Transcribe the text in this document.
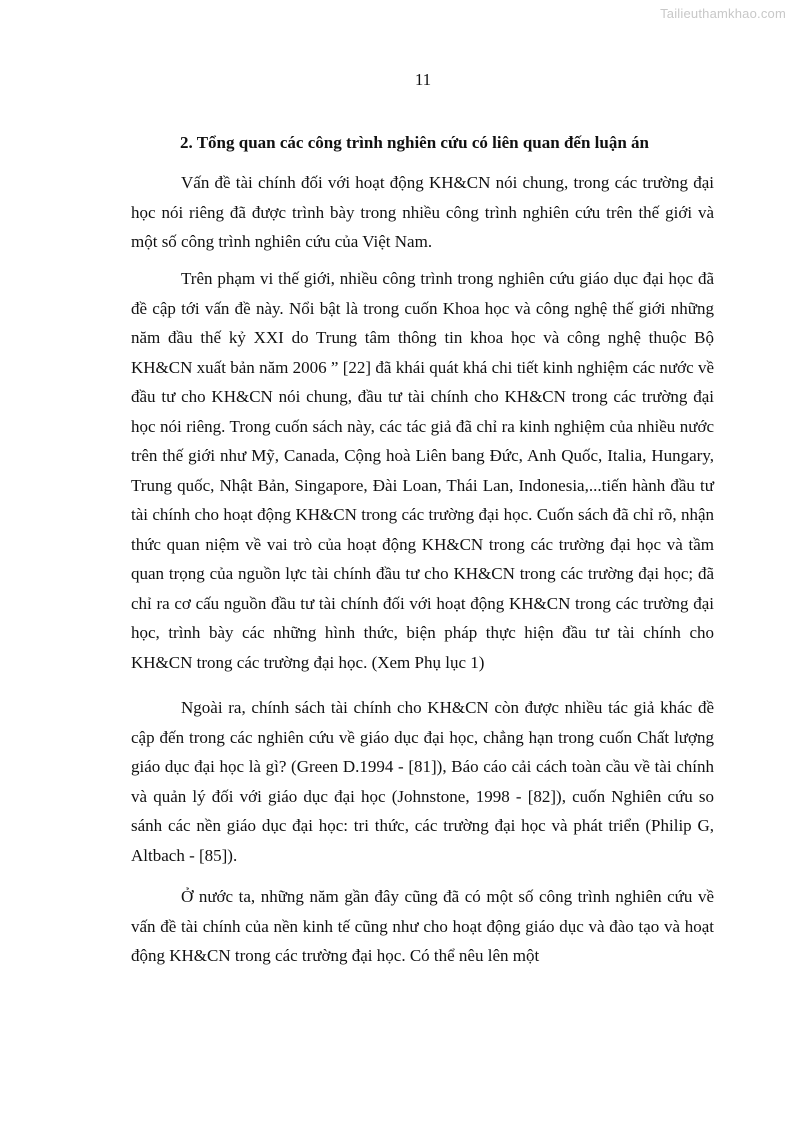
Tailieuthamkhao.com
11
2. Tổng quan các công trình nghiên cứu có liên quan đến luận án

Vấn đề tài chính đối với hoạt động KH&CN nói chung, trong các trường đại học nói riêng đã được trình bày trong nhiều công trình nghiên cứu trên thế giới và một số công trình nghiên cứu của Việt Nam.

Trên phạm vi thế giới, nhiều công trình trong nghiên cứu giáo dục đại học đã đề cập tới vấn đề này. Nổi bật là trong cuốn Khoa học và công nghệ thế giới những năm đầu thế kỷ XXI do Trung tâm thông tin khoa học và công nghệ thuộc Bộ KH&CN xuất bản năm 2006 ” [22] đã khái quát khá chi tiết kinh nghiệm các nước về đầu tư cho KH&CN nói chung, đầu tư tài chính cho KH&CN trong các trường đại học nói riêng. Trong cuốn sách này, các tác giả đã chỉ ra kinh nghiệm của nhiều nước trên thế giới như Mỹ, Canada, Cộng hoà Liên bang Đức, Anh Quốc, Italia, Hungary, Trung quốc, Nhật Bản, Singapore, Đài Loan, Thái Lan, Indonesia,...tiến hành đầu tư tài chính cho hoạt động KH&CN trong các trường đại học. Cuốn sách đã chỉ rõ, nhận thức quan niệm về vai trò của hoạt động KH&CN trong các trường đại học và tầm quan trọng của nguồn lực tài chính đầu tư cho KH&CN trong các trường đại học; đã chỉ ra cơ cấu nguồn đầu tư tài chính đối với hoạt động KH&CN trong các trường đại học, trình bày các những hình thức, biện pháp thực hiện đầu tư tài chính cho KH&CN trong các trường đại học. (Xem Phụ lục 1)

Ngoài ra, chính sách tài chính cho KH&CN còn được nhiều tác giả khác đề cập đến trong các nghiên cứu về giáo dục đại học, chẳng hạn trong cuốn Chất lượng giáo dục đại học là gì? (Green D.1994 - [81]), Báo cáo cải cách toàn cầu về tài chính và quản lý đối với giáo dục đại học (Johnstone, 1998 - [82]), cuốn Nghiên cứu so sánh các nền giáo dục đại học: tri thức, các trường đại học và phát triển (Philip G, Altbach - [85]).

Ở nước ta, những năm gần đây cũng đã có một số công trình nghiên cứu về vấn đề tài chính của nền kinh tế cũng như cho hoạt động giáo dục và đào tạo và hoạt động KH&CN trong các trường đại học. Có thể nêu lên một
